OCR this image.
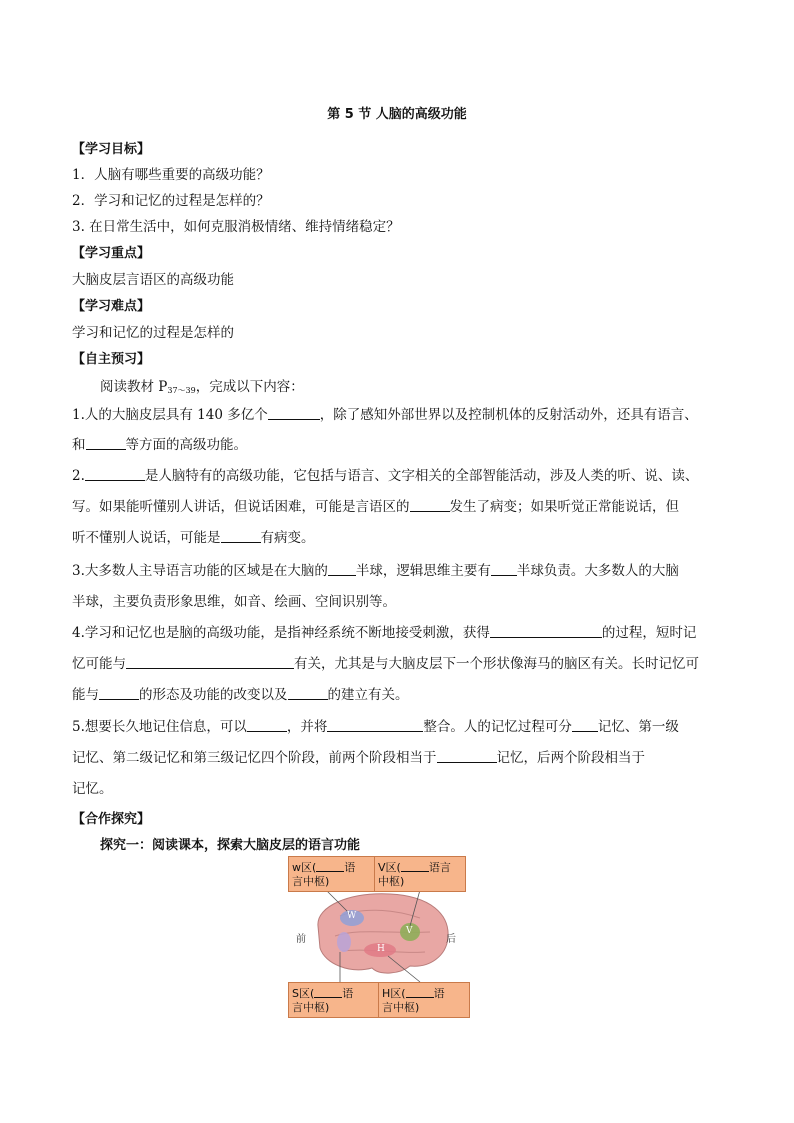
第 5 节 人脑的高级功能
【学习目标】
1．人脑有哪些重要的高级功能？
2．学习和记忆的过程是怎样的？
3. 在日常生活中，如何克服消极情绪、维持情绪稳定？
【学习重点】
大脑皮层言语区的高级功能
【学习难点】
学习和记忆的过程是怎样的
【自主预习】
阅读教材 $P_{37\sim 39}$，完成以下内容：
1.人的大脑皮层具有 140 多亿个	，除了感知外部世界以及控制机体的反射活动外，还具有语言、
和	等方面的高级功能。
2.	是人脑特有的高级功能，它包括与语言、文字相关的全部智能活动，涉及人类的听、说、读、
写。如果能听懂别人讲话，但说话困难，可能是言语区的	发生了病变；如果听觉正常能说话，但
听不懂别人说话，可能是	有病变。
3.大多数人主导语言功能的区域是在大脑的 半球，逻辑思维主要有 半球负责。大多数人的大脑
半球，主要负责形象思维，如音、绘画、空间识别等。
4.学习和记忆也是脑的高级功能，是指神经系统不断地接受刺激，获得	的过程，短时记
忆可能与	有关，尤其是与大脑皮层下一个形状像海马的脑区有关。长时记忆可
能与	的形态及功能的改变以及	的建立有关。
5.想要长久地记住信息，可以	，并将	整合。人的记忆过程可分 记忆、第一级
记忆、第二级记忆和第三级记忆四个阶段，前两个阶段相当于	记忆，后两个阶段相当于
记忆。
【合作探究】
探究一：阅读课本，探索大脑皮层的语言功能
W
V
H
w区(	语
言中枢)
V区(	语言
中枢)
S区(	语
言中枢)
H区(	语
言中枢)
前	后
